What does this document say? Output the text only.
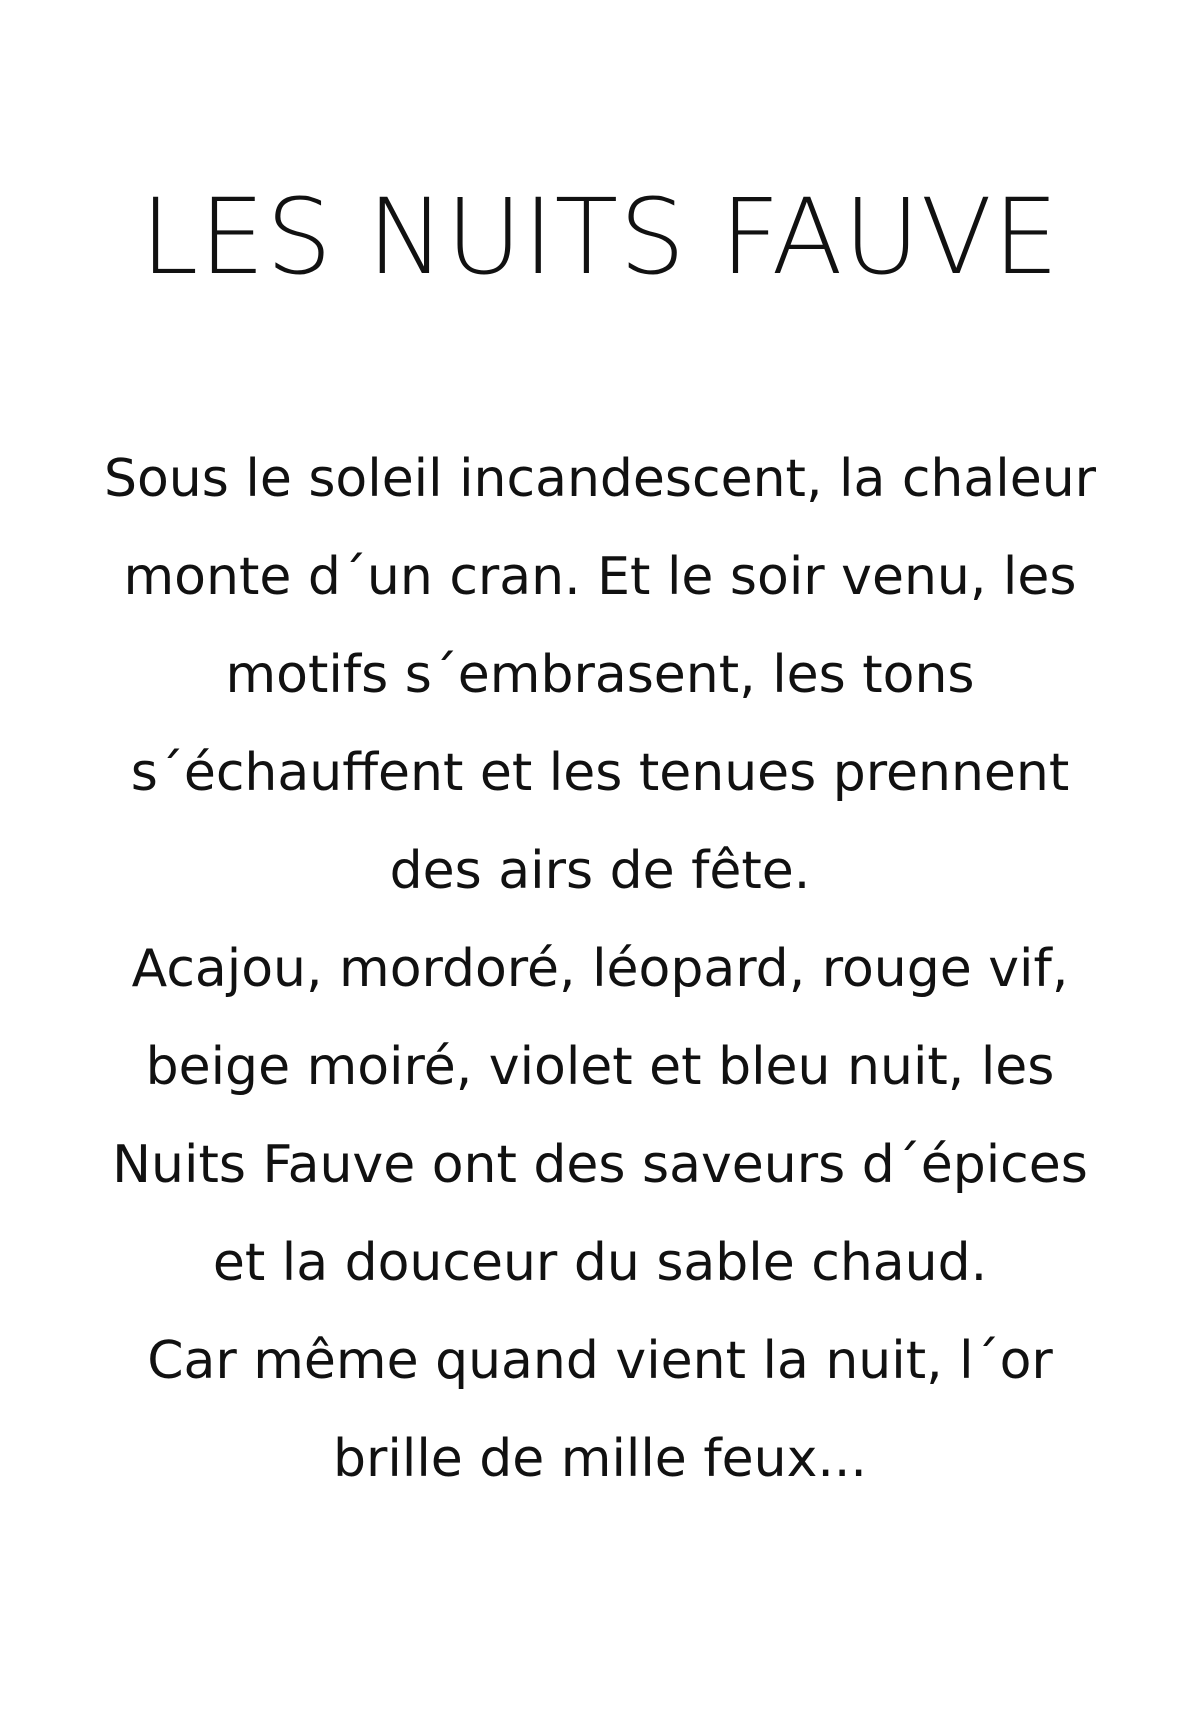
LES NUITS FAUVE
Sous le soleil incandescent, la chaleur
monte d´un cran. Et le soir venu, les
motifs s´embrasent, les tons
s´échauffent et les tenues prennent
des airs de fête.
Acajou, mordoré, léopard, rouge vif,
beige moiré, violet et bleu nuit, les
Nuits Fauve ont des saveurs d´épices
et la douceur du sable chaud.
Car même quand vient la nuit, l´or
brille de mille feux...
